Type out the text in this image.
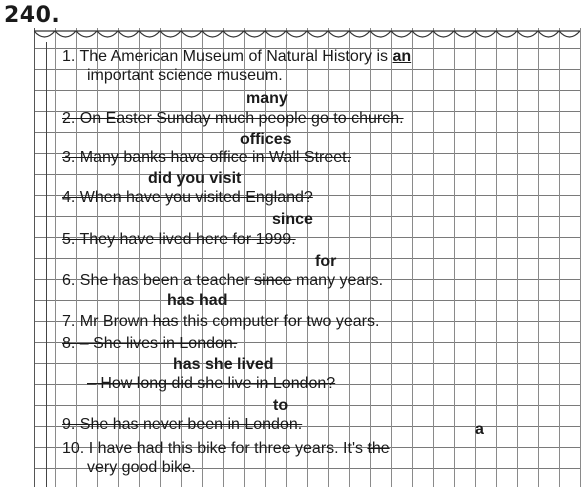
240.
1. The American Museum of Natural History is an
important science museum.
many
2. On Easter Sunday much people go to church.
offices
3. Many banks have office in Wall Street.
did you visit
4. When have you visited England?
since
5. They have lived here for 1999.
for
6. She has been a teacher since many years.
has had
7. Mr Brown has this computer for two years.
8. – She lives in London.
has she lived
– How long did she live in London?
to
9. She has never been in London.	a
10. I have had this bike for three years. It's the
very good bike.
